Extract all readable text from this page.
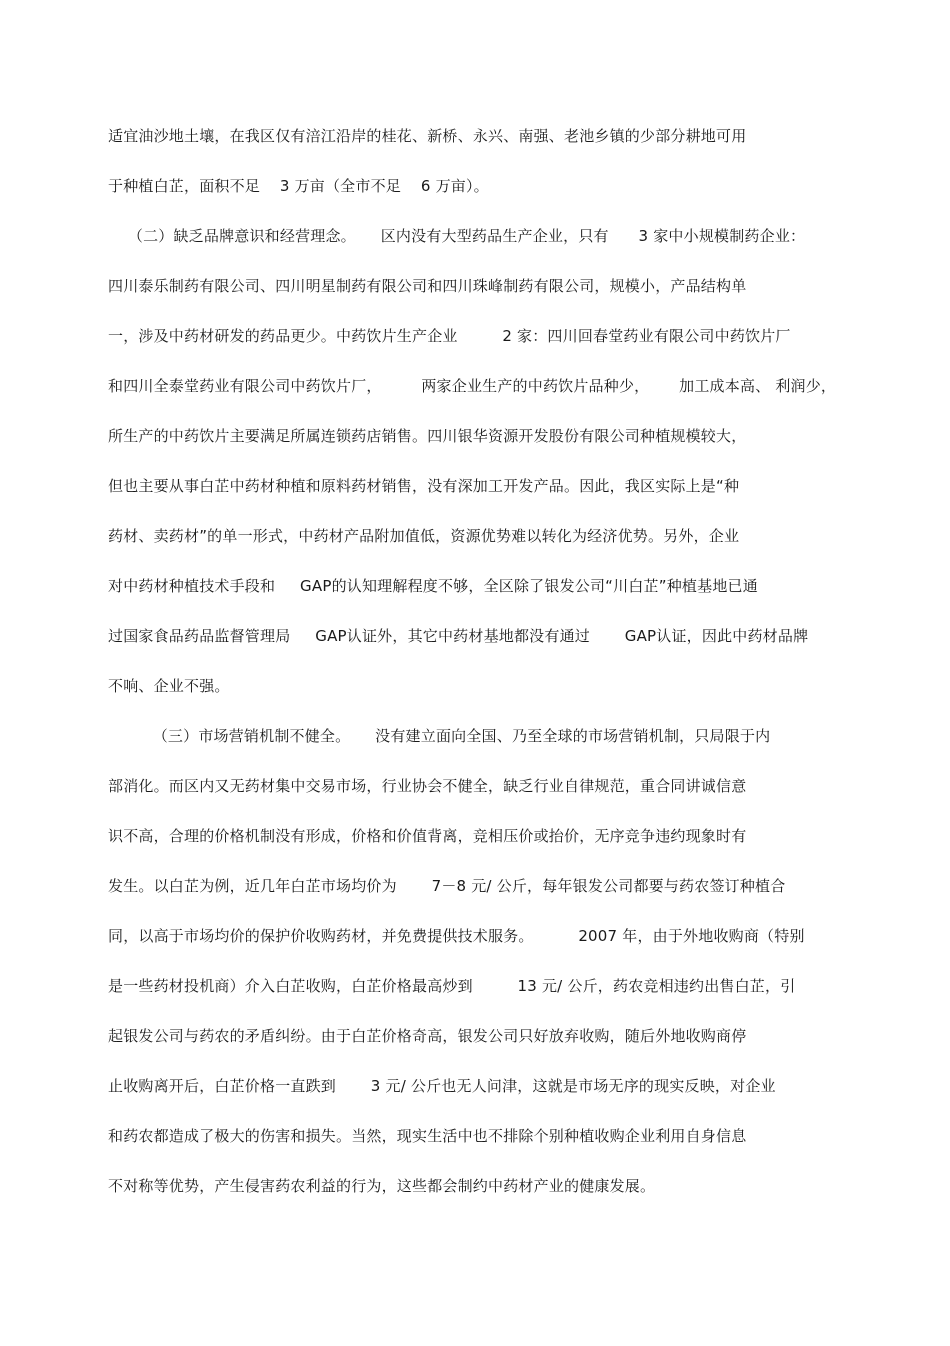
适宜油沙地土壤，在我区仅有涪江沿岸的桂花、新桥、永兴、南强、老池乡镇的少部分耕地可用
于种植白芷，面积不足    3 万亩（全市不足    6 万亩）。
（二）缺乏品牌意识和经营理念。     区内没有大型药品生产企业，只有      3 家中小规模制药企业：
四川泰乐制药有限公司、四川明星制药有限公司和四川珠峰制药有限公司，规模小，产品结构单
一，涉及中药材研发的药品更少。中药饮片生产企业         2 家：四川回春堂药业有限公司中药饮片厂
和四川全泰堂药业有限公司中药饮片厂，        两家企业生产的中药饮片品种少，      加工成本高、 利润少，
所生产的中药饮片主要满足所属连锁药店销售。四川银华资源开发股份有限公司种植规模较大，
但也主要从事白芷中药材种植和原料药材销售，没有深加工开发产品。因此，我区实际上是“种
药材、卖药材”的单一形式，中药材产品附加值低，资源优势难以转化为经济优势。另外，企业
对中药材种植技术手段和     GAP的认知理解程度不够，全区除了银发公司“川白芷”种植基地已通
过国家食品药品监督管理局     GAP认证外，其它中药材基地都没有通过       GAP认证，因此中药材品牌
不响、企业不强。
（三）市场营销机制不健全。     没有建立面向全国、乃至全球的市场营销机制，只局限于内
部消化。而区内又无药材集中交易市场，行业协会不健全，缺乏行业自律规范，重合同讲诚信意
识不高，合理的价格机制没有形成，价格和价值背离，竞相压价或抬价，无序竞争违约现象时有
发生。以白芷为例，近几年白芷市场均价为       7－8 元/ 公斤，每年银发公司都要与药农签订种植合
同，以高于市场均价的保护价收购药材，并免费提供技术服务。         2007 年，由于外地收购商（特别
是一些药材投机商）介入白芷收购，白芷价格最高炒到         13 元/ 公斤，药农竞相违约出售白芷，引
起银发公司与药农的矛盾纠纷。由于白芷价格奇高，银发公司只好放弃收购，随后外地收购商停
止收购离开后，白芷价格一直跌到       3 元/ 公斤也无人问津，这就是市场无序的现实反映，对企业
和药农都造成了极大的伤害和损失。当然，现实生活中也不排除个别种植收购企业利用自身信息
不对称等优势，产生侵害药农利益的行为，这些都会制约中药材产业的健康发展。
